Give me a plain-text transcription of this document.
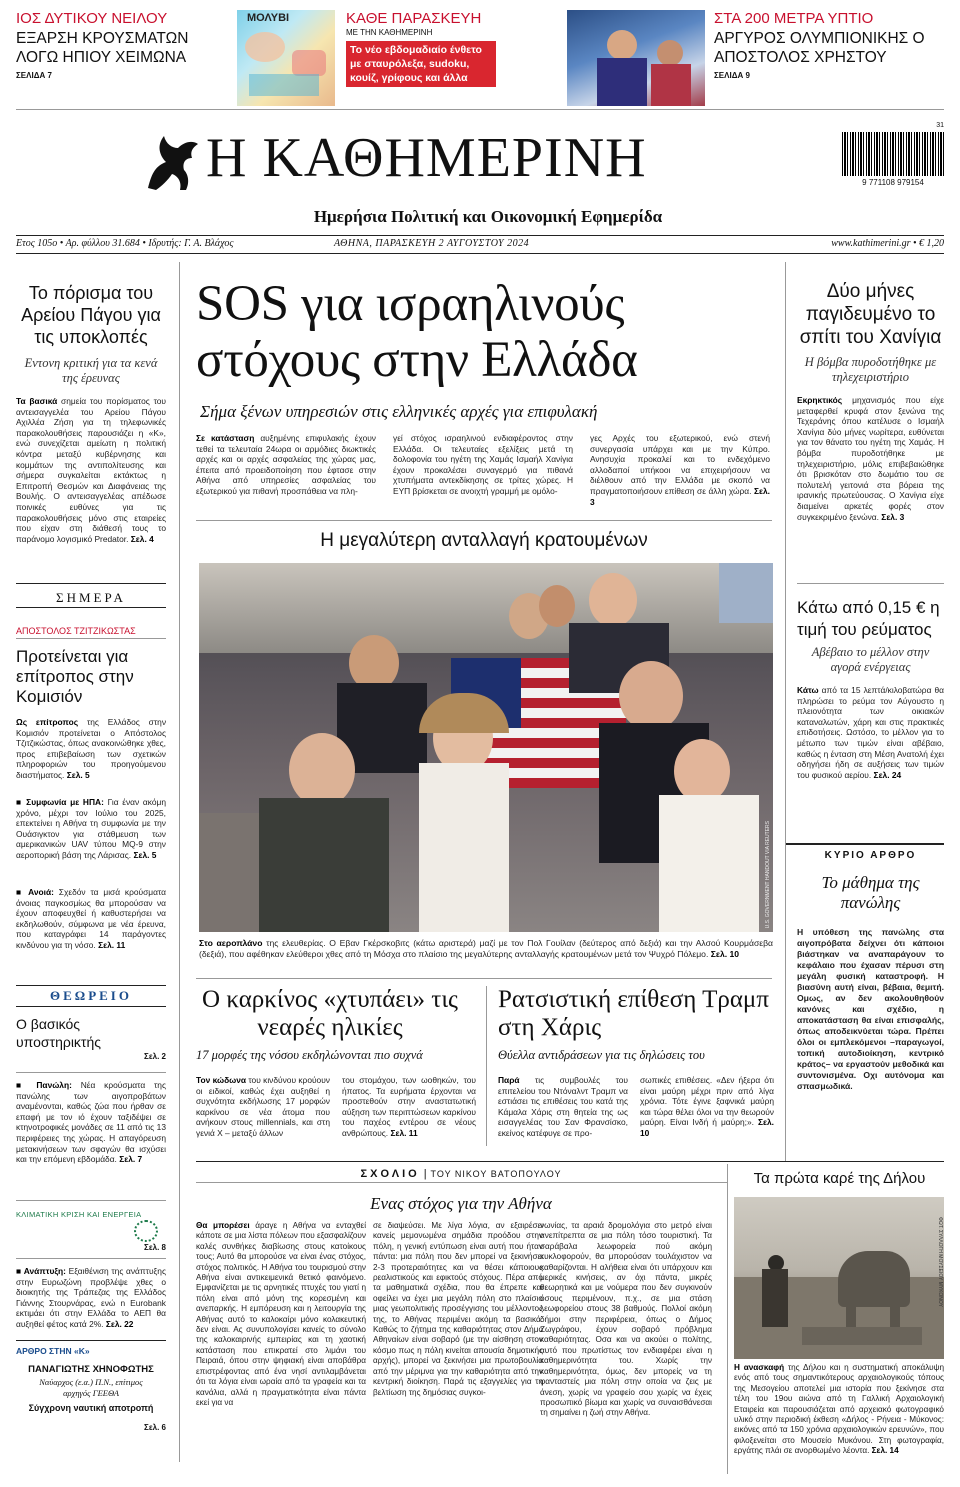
ΙΟΣ ΔΥΤΙΚΟΥ ΝΕΙΛΟΥ
ΕΞΑΡΣΗ ΚΡΟΥΣΜΑΤΩΝ ΛΟΓΩ ΗΠΙΟΥ ΧΕΙΜΩΝΑ
ΣΕΛΙΔΑ 7
ΜΟΛΥΒΙ	ΚΑΘΕ ΠΑΡΑΣΚΕΥΗ
ΜΕ ΤΗΝ ΚΑΘΗΜΕΡΙΝΗ
Το νέο εβδομαδιαίο ένθετο με σταυρόλεξα, sudoku, κουίζ, γρίφους και άλλα
ΣΤΑ 200 ΜΕΤΡΑ ΥΠΤΙΟ
ΑΡΓΥΡΟΣ ΟΛΥΜΠΙΟΝΙΚΗΣ Ο ΑΠΟΣΤΟΛΟΣ ΧΡΗΣΤΟΥ
ΣΕΛΙΔΑ 9
Η ΚΑΘΗΜΕΡΙΝΗ
Ημερήσια Πολιτική και Οικονομική Εφημερίδα
9 771108 979154
31
Ετος 105ο • Αρ. φύλλου 31.684 • Ιδρυτής: Γ. Α. Βλάχος	ΑΘΗΝΑ, ΠΑΡΑΣΚΕΥΗ 2 ΑΥΓΟΥΣΤΟΥ 2024	www.kathimerini.gr • € 1,20
Το πόρισμα του Αρείου Πάγου για τις υποκλοπές
Εντονη κριτική για τα κενά της έρευνας
Τα βασικά σημεία του πορίσματος του αντεισαγγελέα του Αρείου Πάγου Αχιλλέα Ζήση για τη τηλεφωνικές παρακολουθήσεις παρουσιάζει η «Κ», ενώ συνεχίζεται αμείωτη η πολιτική κόντρα μεταξύ κυβέρνησης και κομμάτων της αντιπολίτευσης και σήμερα συγκαλείται εκτάκτως η Επιτροπή Θεσμών και Διαφάνειας της Βουλής. Ο αντεισαγγελέας απέδωσε ποινικές ευθύνες για τις παρακολουθήσεις μόνο στις εταιρείες που είχαν στη διάθεσή τους το παράνομο λογισμικό Predator. Σελ. 4
ΣΗΜΕΡΑ
ΑΠΟΣΤΟΛΟΣ ΤΖΙΤΖΙΚΩΣΤΑΣ
Προτείνεται για επίτροπος στην Κομισιόν
Ως επίτροπος της Ελλάδος στην Κομισιόν προτείνεται ο Απόστολος Τζιτζικώστας, όπως ανακοινώθηκε χθες, προς επιβεβαίωση των σχετικών πληροφοριών του προηγούμενου διαστήματος. Σελ. 5
■ Συμφωνία με ΗΠΑ: Για έναν ακόμη χρόνο, μέχρι τον Ιούλιο του 2025, επεκτείνει η Αθήνα τη συμφωνία με την Ουάσιγκτον για στάθμευση των αμερικανικών UAV τύπου MQ-9 στην αεροπορική βάση της Λάρισας. Σελ. 5
■ Ανοιά: Σχεδόν τα μισά κρούσματα άνοιας παγκοσμίως θα μπορούσαν να έχουν αποφευχθεί ή καθυστερήσει να εκδηλωθούν, σύμφωνα με νέα έρευνα, που καταγράφει 14 παράγοντες κινδύνου για τη νόσο. Σελ. 11
ΘΕΩΡΕΙΟ
Ο βασικός υποστηρικτής
Σελ. 2
■ Πανώλη: Νέα κρούσματα της πανώλης των αιγοπροβάτων αναμένονται, καθώς ζώα που ήρθαν σε επαφή με τον ιό έχουν ταξιδέψει σε κτηνοτροφικές μονάδες σε 11 από τις 13 περιφέρειες της χώρας. Η απαγόρευση μετακινήσεων των σφαγών θα ισχύσει και την επόμενη εβδομάδα. Σελ. 7
ΚΛΙΜΑΤΙΚΗ ΚΡΙΣΗ ΚΑΙ ΕΝΕΡΓΕΙΑ
Σελ. 8
■ Ανάπτυξη: Εξαιθένιση της ανάπτυξης στην Ευρωζώνη προβλέψε χθες ο διοικητής της Τράπεζας της Ελλάδος Γιάννης Στουρνάρας, ενώ n Eurobank εκτιμάει ότι στην Ελλάδα το ΑΕΠ θα αυξηθεί φέτος κατά 2%. Σελ. 22
ΑΡΘΡΟ ΣΤΗΝ «Κ»
ΠΑΝΑΓΙΩΤΗΣ ΧΗΝΟΦΩΤΗΣ
Ναύαρχος (ε.α.) Π.Ν., επίτιμος αρχηγός ΓΕΕΘΑ
Σύγχρονη ναυτική αποτροπή
Σελ. 6
SOS για ισραηλινούς στόχους στην Ελλάδα
Σήμα ξένων υπηρεσιών στις ελληνικές αρχές για επιφυλακή
Σε κατάσταση αυξημένης επιφυλακής έχουν τεθεί τα τελευταία 24ωρα οι αρμόδιες διωκτικές αρχές και οι αρχές ασφαλείας της χώρας μας, έπειτα από προειδοποίηση που έφτασε στην Αθήνα από υπηρεσίες ασφαλείας του εξωτερικού για πιθανή προσπάθεια να πλη-
γεί στόχος ισραηλινού ενδιαφέροντος στην Ελλάδα. Οι τελευταίες εξελίξεις μετά τη δολοφονία του ηγέτη της Χαμάς Ισμαήλ Χανίγια έχουν προκαλέσει συναγερμό για πιθανά χτυπήματα αντεκδίκησης σε τρίτες χώρες. Η ΕΥΠ βρίσκεται σε ανοιχτή γραμμή με ομόλο-
γες Αρχές του εξωτερικού, ενώ στενή συνεργασία υπάρχει και με την Κύπρο. Ανησυχία προκαλεί και το ενδεχόμενο αλλοδαποί υπήκοοι να επιχειρήσουν να διέλθουν από την Ελλάδα με σκοπό να πραγματοποιήσουν επίθεση σε άλλη χώρα. Σελ. 3
Η μεγαλύτερη ανταλλαγή κρατουμένων
U.S. GOVERNMENT HANDOUT VIA REUTERS
Στο αεροπλάνο της ελευθερίας. Ο Εβαν Γκέρσκοβιτς (κάτω αριστερά) μαζί με τον Πολ Γουίλαν (δεύτερος από δεξιά) και την Αλσού Κουρμάσεβα (δεξιά), που αφέθηκαν ελεύθεροι χθες από τη Μόσχα στο πλαίσιο της μεγαλύτερης ανταλλαγής κρατουμένων μετά τον Ψυχρό Πόλεμο. Σελ. 10
Ο καρκίνος «χτυπάει» τις νεαρές ηλικίες
17 μορφές της νόσου εκδηλώνονται πιο συχνά
Τον κώδωνα του κινδύνου κρούουν οι ειδικοί, καθώς έχει αυξηθεί η συχνότητα εκδήλωσης 17 μορφών καρκίνου σε νέα άτομα που ανήκουν στους millennials, και στη γενιά Χ – μεταξύ άλλων
του στομάχου, των ωοθηκών, του ήπατος. Τα ευρήματα έρχονται να προστεθούν στην αναστατωτική αύξηση των περιπτώσεων καρκίνου του παχέος εντέρου σε νέους ανθρώπους. Σελ. 11
Ρατσιστική επίθεση Τραμπ στη Χάρις
Θύελλα αντιδράσεων για τις δηλώσεις του
Παρά τις συμβουλές του επιτελείου του Ντόναλντ Τραμπ να εστιάσει τις επιθέσεις του κατά της Κάμαλα Χάρις στη θητεία της ως εισαγγελέας του Σαν Φρανσίσκο, εκείνος κατέφυγε σε προ-
σωπικές επιθέσεις. «Δεν ήξερα ότι είναι μαύρη μέχρι πριν από λίγα χρόνια. Τότε έγινε ξαφνικά μαύρη και τώρα θέλει όλοι να την θεωρούν μαύρη. Είναι Ινδή ή μαύρη;». Σελ. 10
Δύο μήνες παγιδευμένο το σπίτι του Χανίγια
Η βόμβα πυροδοτήθηκε με τηλεχειριστήριο
Εκρηκτικός μηχανισμός που είχε μεταφερθεί κρυφά στον ξενώνα της Τεχεράνης όπου κατέλυσε ο Ισμαήλ Χανίγια δύο μήνες νωρίτερα, ευθύνεται για τον θάνατο του ηγέτη της Χαμάς. Η βόμβα πυροδοτήθηκε με τηλεχειριστήριο, μόλις επιβεβαιώθηκε ότι βρισκόταν στο δωμάτιο του σε πολυτελή γειτονιά στα βόρεια της ιρανικής πρωτεύουσας. Ο Χανίγια είχε διαμείνει αρκετές φορές στον συγκεκριμένο ξενώνα. Σελ. 3
Κάτω από 0,15 € η τιμή του ρεύματος
Αβέβαιο το μέλλον στην αγορά ενέργειας
Κάτω από τα 15 λεπτά/κιλοβατώρα θα πληρώσει το ρεύμα τον Αύγουστο η πλειονότητα των οικιακών καταναλωτών, χάρη και στις πρακτικές επιδοτήσεις. Ωστόσο, το μέλλον για το μέτωπο των τιμών είναι αβέβαιο, καθώς η ένταση στη Μέση Ανατολή έχει οδηγήσει ήδη σε αυξήσεις των τιμών του φυσικού αερίου. Σελ. 24
ΚΥΡΙΟ ΑΡΘΡΟ
Το μάθημα της πανώλης
Η υπόθεση της πανώλης στα αιγοπρόβατα δείχνει ότι κάποιοι βιάστηκαν να αναπαράγουν το κεφάλαιο που έχασαν πέρυσι στη μεγάλη φυσική καταστροφή. Η βιασύνη αυτή είναι, βέβαια, θεμιτή. Ομως, αν δεν ακολουθηθούν κανόνες και σχέδιο, η αποκατάσταση θα είναι επισφαλής, όπως αποδεικνύεται τώρα. Πρέπει όλοι οι εμπλεκόμενοι –παραγωγοί, τοπική αυτοδιοίκηση, κεντρικό κράτος– να εργαστούν μεθοδικά και συντονισμένα. Οχι αυτόνομα και σπασμωδικά.
ΣΧΟΛΙΟ | ΤΟΥ ΝΙΚΟΥ ΒΑΤΟΠΟΥΛΟΥ
Ενας στόχος για την Αθήνα
Θα μπορέσει άραγε η Αθήνα να ενταχθεί κάποτε σε μια λίστα πόλεων που εξασφαλίζουν καλές συνθήκες διαβίωσης στους κατοίκους τους; Αυτό θα μπορούσε να είναι ένας στόχος, στόχος πολιτικός. Η Αθήνα του τουρισμού στην Αθήνα είναι αντικειμενικά θετικό φαινόμενο. Εμφανίζεται με τις αρνητικές πτυχές του γιατί η πόλη είναι από μόνη της κορεσμένη και ανεπαρκής. Η εμπόρευση και η λειτουργία της Αθήνας αυτό το καλοκαίρι μόνο κολακευτική δεν είναι. Ας συνυπολογίσει κανείς το σύνολο της καλοκαιρινής εμπειρίας και τη χαοτική κατάσταση που επικρατεί στο λιμάνι του Πειραιά, όπου στην ψηφιακή είναι αποβάθρα επιστρέφοντας από ένα νησί αντιλαμβάνεται ότι τα λόγια είναι ωραία από τα γραφεία και τα κανάλια, αλλά η πραγματικότητα είναι πάντα εκεί για να
σε διαψεύσει. Με λίγα λόγια, αν εξαιρέσει κανείς μεμονωμένα σημάδια προόδου στην πόλη, η γενική εντύπωση είναι αυτή που ήταν πάντα: μια πόλη που δεν μπορεί να ξεκινήσει 2-3 προτεραιότητες και να θέσει κάποιους ρεαλιστικούς και εφικτούς στόχους. Πέρα από τα μαθηματικά σχέδια, που θα έπρεπε και οφείλει να έχει μια μεγάλη πόλη στο πλαίσιο μιας γεωπολιτικής προσέγγισης του μέλλοντος της, το Αθήνας περιμένει ακόμη τα βασικά. Καθώς το ζήτημα της καθαριότητας στον Δήμο Αθηναίων είναι σοβαρό (με την αίσθηση στον κόσμο πως η πόλη κινείται απουσία δημοτικής αρχής), μπορεί να ξεκινήσει μια πρωτοβουλία από την μέριμνα για την καθαριότητα από την κεντρική διοίκηση. Παρά τις εξαγγελίες για τη βελτίωση της δημόσιας συγκοι-
νωνίας, τα αραιά δρομολόγια στο μετρό είναι ανεπίτρεπτα σε μια πόλη τόσο τουριστική. Τα σαράβαλα λεωφορεία πού ακόμη κυκλοφορούν, θα μπορούσαν τουλάχιστον να καθαρίζονται. Η αλήθεια είναι ότι υπάρχουν και μερικές κινήσεις, αν όχι πάντα, μικρές θεωρητικά και με νούμερα που δεν συγκινούν όσους περιμένουν, π.χ., σε μια στάση λεωφορείου στους 38 βαθμούς. Πολλοί ακόμη δήμοι στην περιφέρεια, όπως ο Δήμος Ζωγράφου, έχουν σοβαρό πρόβλημα καθαριότητας. Οσα και να ακούει ο πολίτης, αυτό που πρωτίστως τον ενδιαφέρει είναι η καθημερινότητα του. Χωρίς την καθημερινότητα, όμως, δεν μπορείς να τη φανταστείς μια πόλη στην οποία να ζεις με άνεση, χωρίς να γραφείο σου χωρίς να έχεις προσωπικό βίωμα και χωρίς να συναισθάνεσαι τη σημαίνει η ζωή στην Αθήνα.
Τα πρώτα καρέ της Δήλου
ΦΩΤ. ΣΥΛΛΟΓΗ ΜΟΥΣΕΙΟΥ ΜΥΚΟΝΟΥ
Η ανασκαφή της Δήλου και η συστηματική αποκάλυψη ενός από τους σημαντικότερους αρχαιολογικούς τόπους της Μεσογείου αποτελεί μια ιστορία που ξεκίνησε στα τέλη του 19ου αιώνα από τη Γαλλική Αρχαιολογική Εταιρεία και παρουσιάζεται από αρχειακό φωτογραφικό υλικό στην περιοδική έκθεση «Δήλος - Ρήνεια - Μύκονος: εικόνες από τα 150 χρόνια αρχαιολογικών ερευνών», που φιλοξενείται στο Μουσείο Μυκόνου. Στη φωτογραφία, εργάτης πλάι σε ανορθωμένο λέοντα. Σελ. 14
